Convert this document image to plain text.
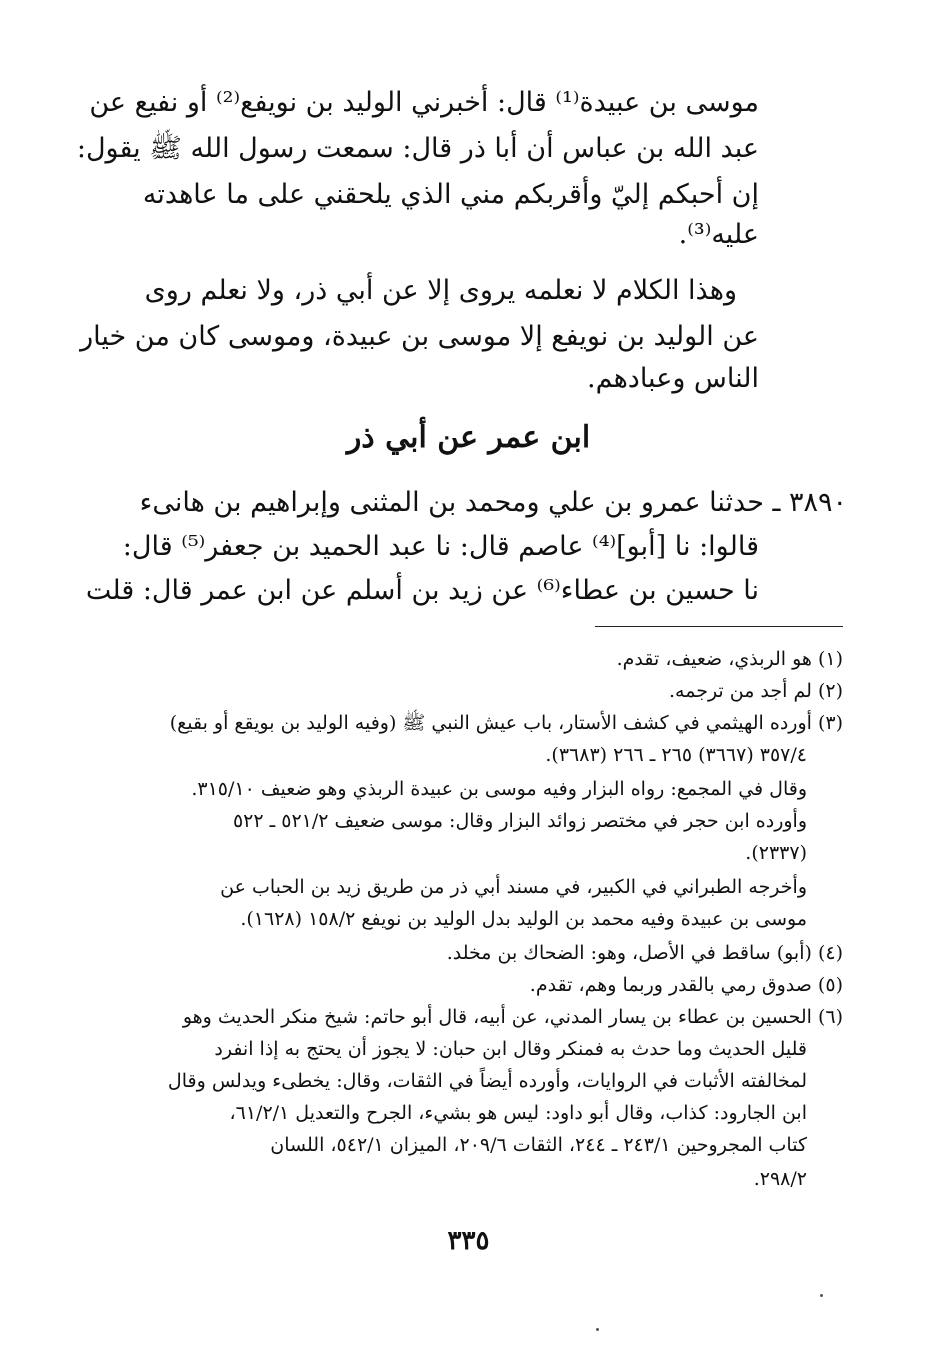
موسى بن عبيدة⁽¹⁾ قال: أخبرني الوليد بن نويفع⁽²⁾ أو نفيع عن
عبد الله بن عباس أن أبا ذر قال: سمعت رسول الله ﷺ يقول:
إن أحبكم إليّ وأقربكم مني الذي يلحقني على ما عاهدته
عليه⁽³⁾.
وهذا الكلام لا نعلمه يروى إلا عن أبي ذر، ولا نعلم روى
عن الوليد بن نويفع إلا موسى بن عبيدة، وموسى كان من خيار
الناس وعبادهم.
ابن عمر عن أبي ذر
٣٨٩٠ ـ حدثنا عمرو بن علي ومحمد بن المثنى وإبراهيم بن هانىء
قالوا: نا [أبو]⁽⁴⁾ عاصم قال: نا عبد الحميد بن جعفر⁽⁵⁾ قال:
نا حسين بن عطاء⁽⁶⁾ عن زيد بن أسلم عن ابن عمر قال: قلت
(١) هو الربذي، ضعيف، تقدم.
(٢) لم أجد من ترجمه.
(٣) أورده الهيثمي في كشف الأستار، باب عيش النبي ﷺ (وفيه الوليد بن بويقع أو بقيع)
٣٥٧/٤ (٣٦٦٧) ٢٦٥ ـ ٢٦٦ (٣٦٨٣).
وقال في المجمع: رواه البزار وفيه موسى بن عبيدة الربذي وهو ضعيف ٣١٥/١٠.
وأورده ابن حجر في مختصر زوائد البزار وقال: موسى ضعيف ٥٢١/٢ ـ ٥٢٢
(٢٣٣٧).
وأخرجه الطبراني في الكبير، في مسند أبي ذر من طريق زيد بن الحباب عن
موسى بن عبيدة وفيه محمد بن الوليد بدل الوليد بن نويفع ١٥٨/٢ (١٦٢٨).
(٤) (أبو) ساقط في الأصل، وهو: الضحاك بن مخلد.
(٥) صدوق رمي بالقدر وربما وهم، تقدم.
(٦) الحسين بن عطاء بن يسار المدني، عن أبيه، قال أبو حاتم: شيخ منكر الحديث وهو
قليل الحديث وما حدث به فمنكر وقال ابن حبان: لا يجوز أن يحتج به إذا انفرد
لمخالفته الأثبات في الروايات، وأورده أيضاً في الثقات، وقال: يخطىء ويدلس وقال
ابن الجارود: كذاب، وقال أبو داود: ليس هو بشيء، الجرح والتعديل ٦١/٢/١،
كتاب المجروحين ٢٤٣/١ ـ ٢٤٤، الثقات ٢٠٩/٦، الميزان ٥٤٢/١، اللسان
٢٩٨/٢.
٣٣٥
